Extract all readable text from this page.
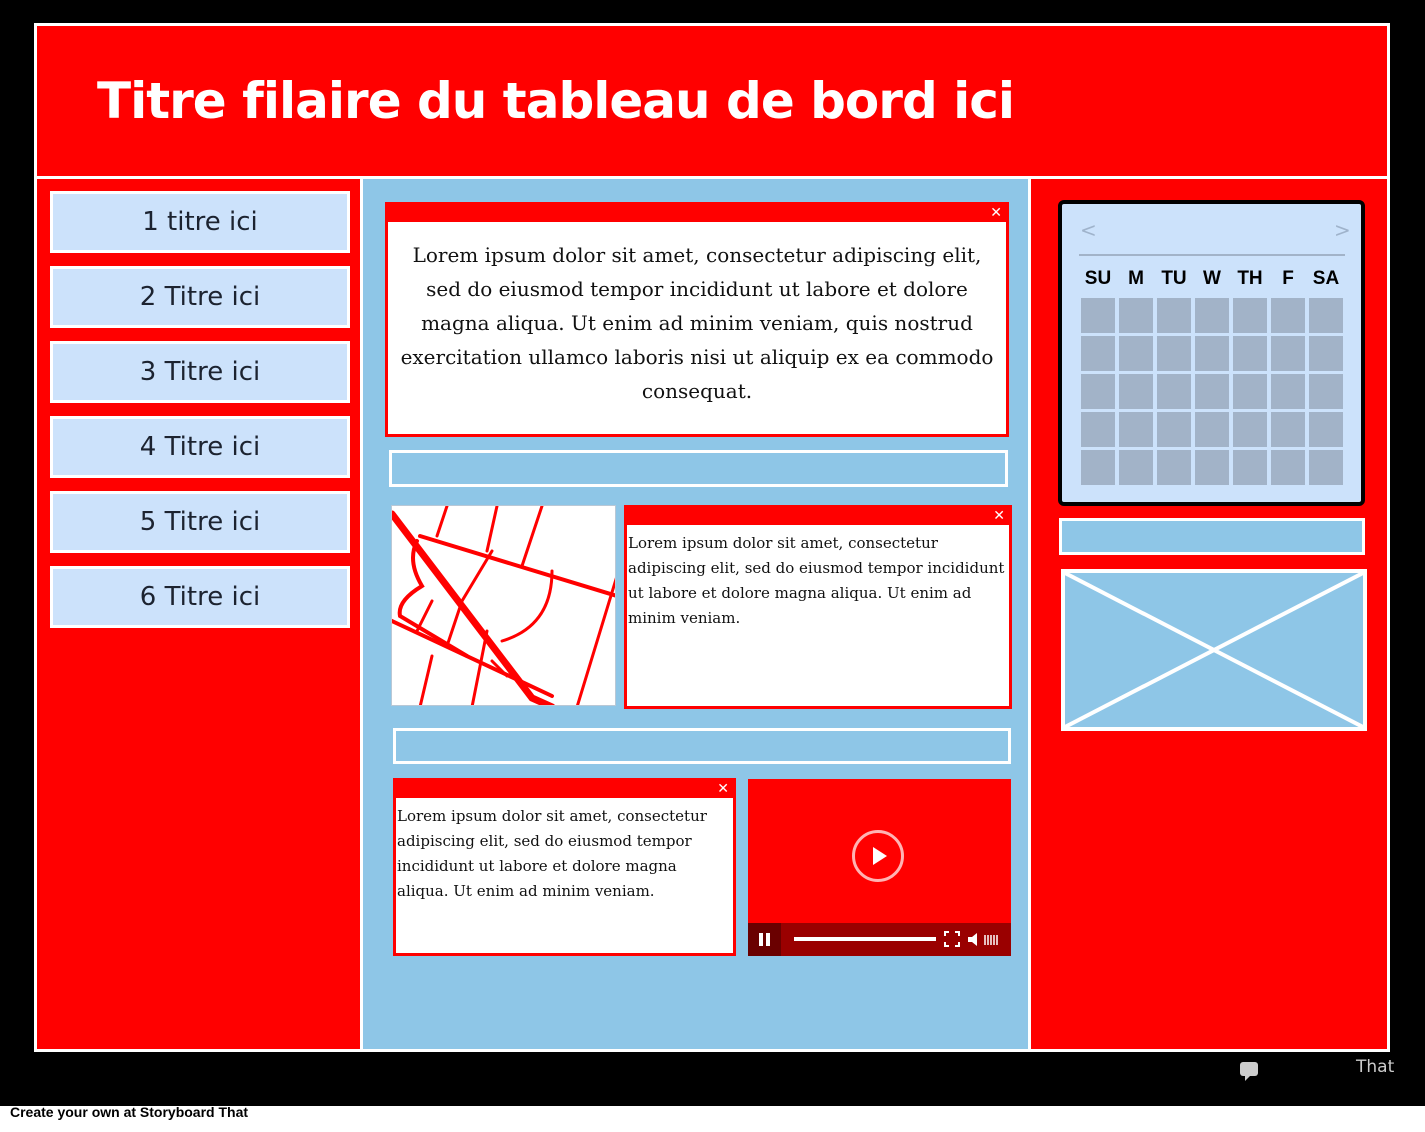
Titre filaire du tableau de bord ici
1 titre ici
2 Titre ici
3 Titre ici
4 Titre ici
5 Titre ici
6 Titre ici
✕
Lorem ipsum dolor sit amet, consectetur adipiscing elit, sed do eiusmod tempor incididunt ut labore et dolore magna aliqua. Ut enim ad minim veniam, quis nostrud exercitation ullamco laboris nisi ut aliquip ex ea commodo consequat.
✕
Lorem ipsum dolor sit amet, consectetur adipiscing elit, sed do eiusmod tempor incididunt ut labore et dolore magna aliqua. Ut enim ad minim veniam.
✕
Lorem ipsum dolor sit amet, consectetur adipiscing elit, sed do eiusmod tempor incididunt ut labore et dolore magna aliqua. Ut enim ad minim veniam.
<	>
SU M TU W TH	F	SA
That
Create your own at Storyboard That
